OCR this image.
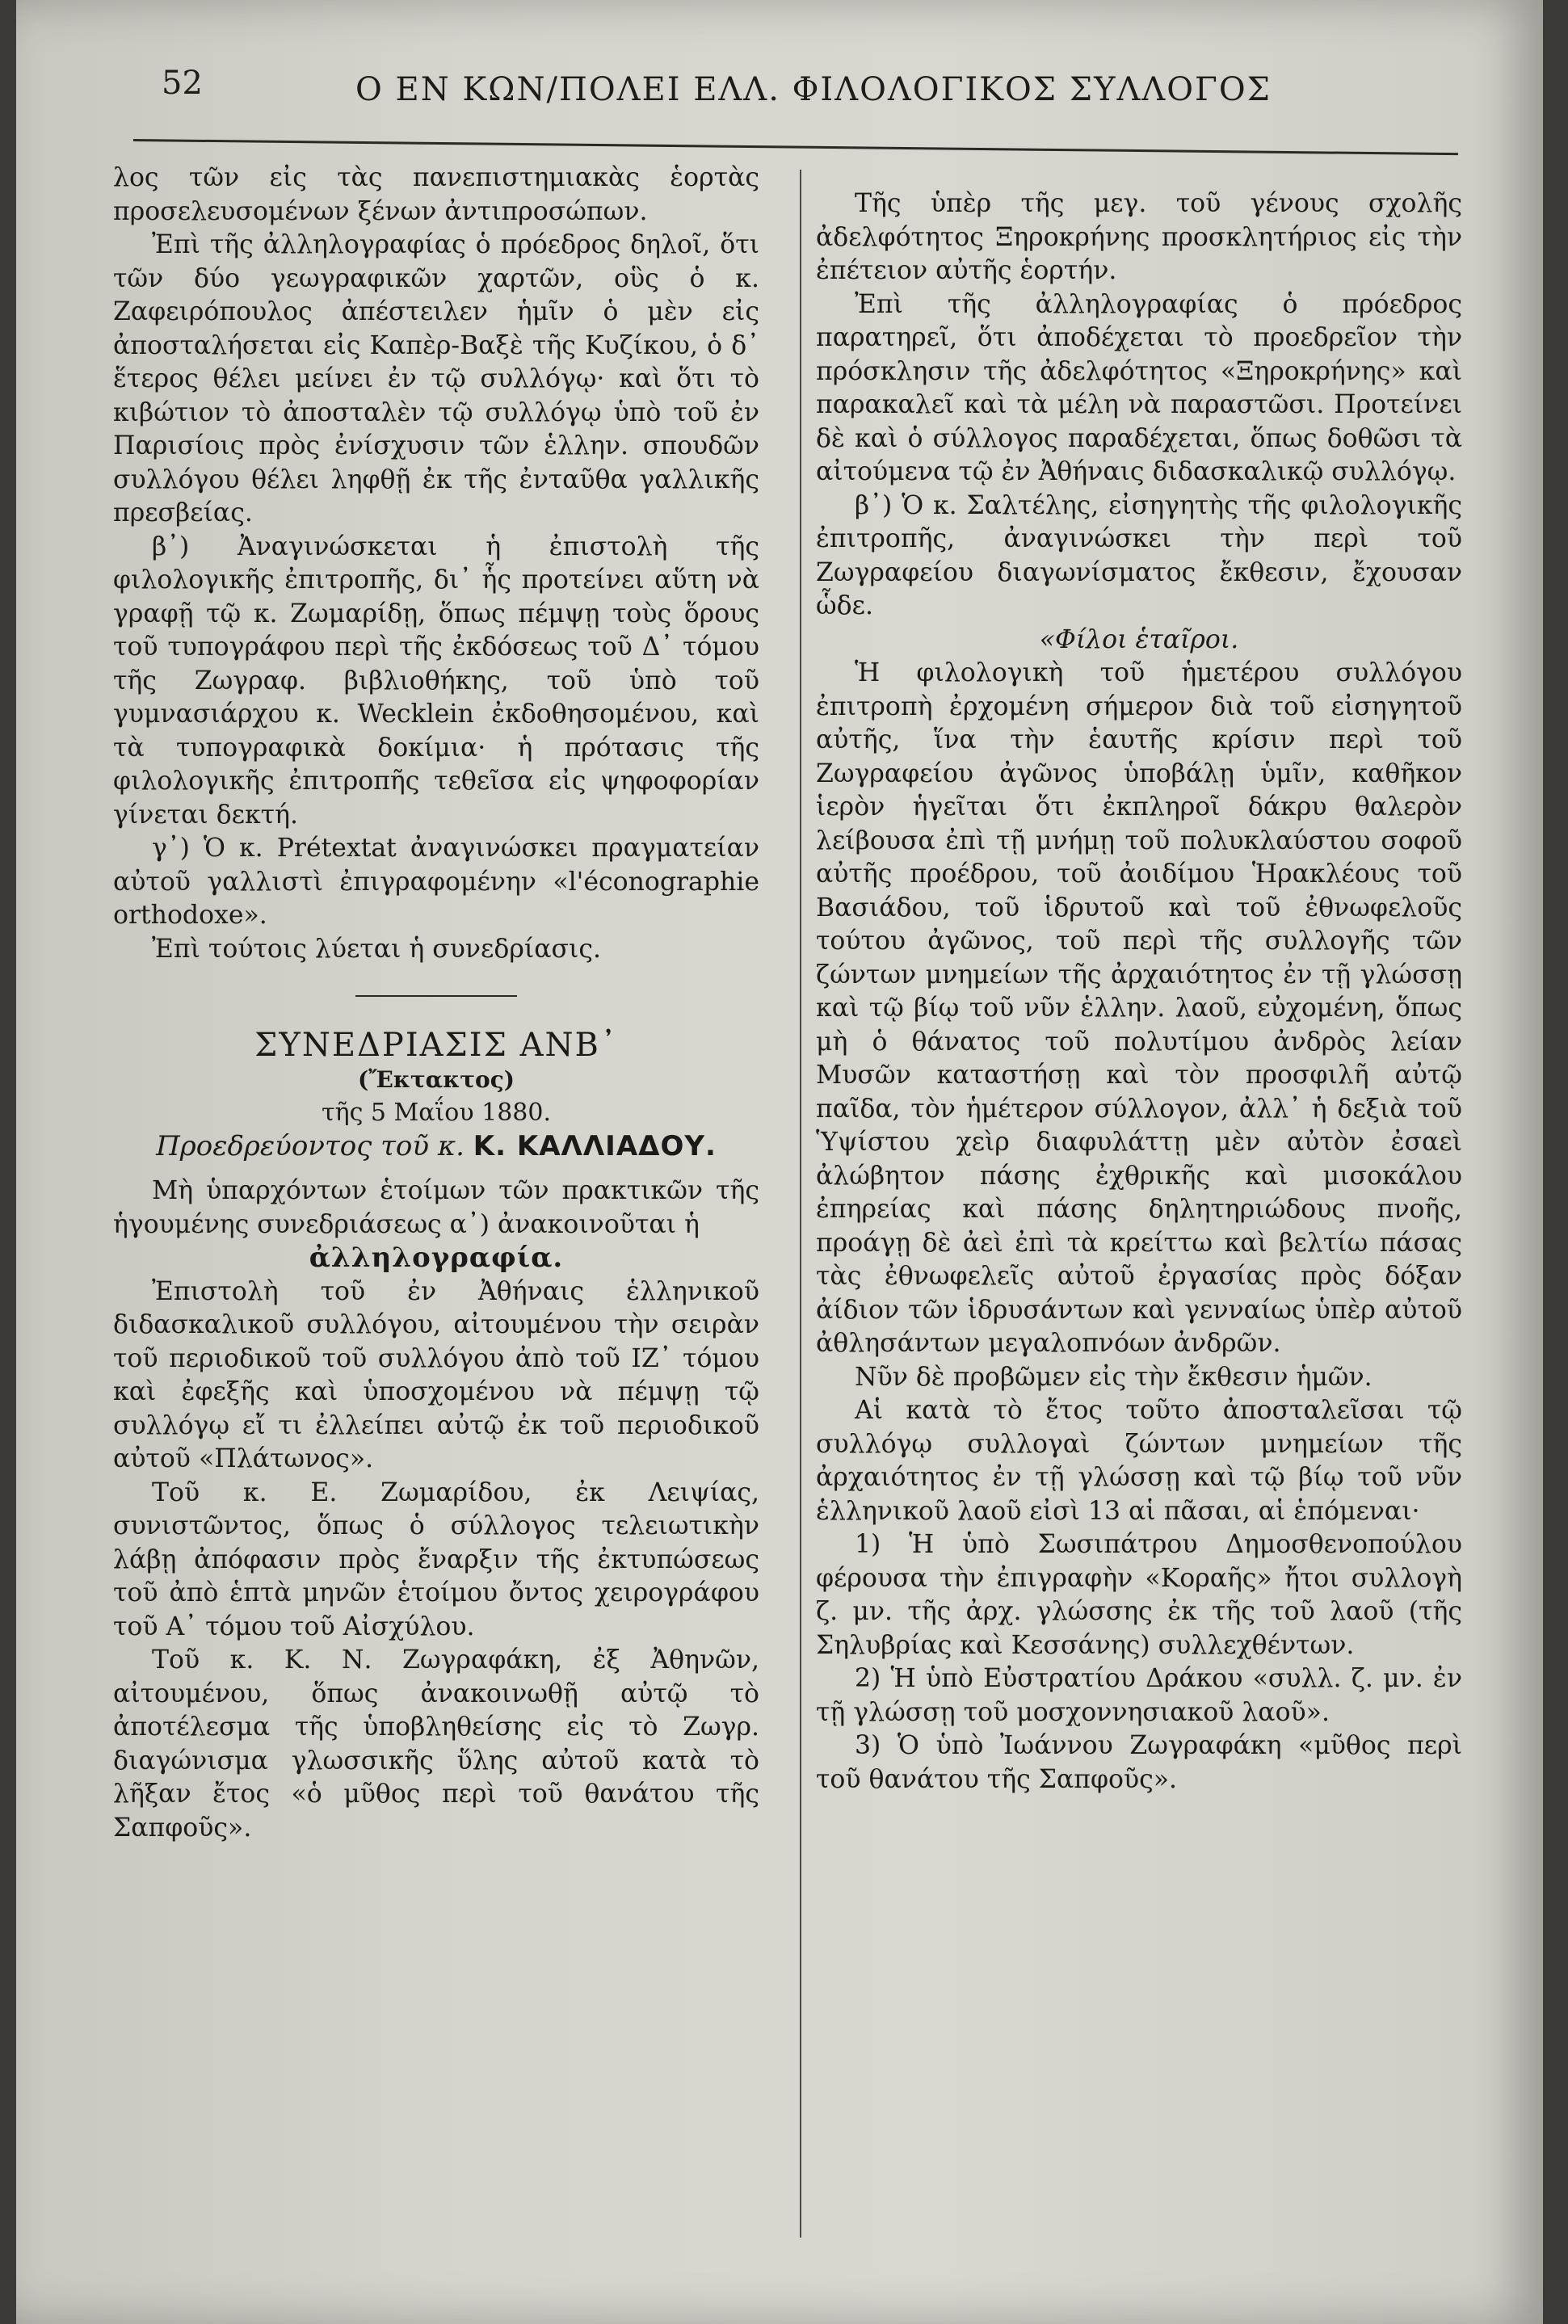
52	Ο ΕΝ ΚΩΝ/ΠΟΛΕΙ ΕΛΛ. ΦΙΛΟΛΟΓΙΚΟΣ ΣΥΛΛΟΓΟΣ

λος τῶν εἰς τὰς πανεπιστημιακὰς ἑορτὰς προσελευσομένων ξένων ἀντιπροσώπων.

Ἐπὶ τῆς ἀλληλογραφίας ὁ πρόεδρος δηλοῖ, ὅτι τῶν δύο γεωγραφικῶν χαρτῶν, οὓς ὁ κ. Ζαφειρόπουλος ἀπέστειλεν ἡμῖν ὁ μὲν εἰς ἀποσταλήσεται εἰς Καπὲρ-Βαξὲ τῆς Κυζίκου, ὁ δ᾽ ἕτερος θέλει μείνει ἐν τῷ συλλόγῳ· καὶ ὅτι τὸ κιβώτιον τὸ ἀποσταλὲν τῷ συλλόγῳ ὑπὸ τοῦ ἐν Παρισίοις πρὸς ἐνίσχυσιν τῶν ἑλλην. σπουδῶν συλλόγου θέλει ληφθῇ ἐκ τῆς ἐνταῦθα γαλλικῆς πρεσβείας.

β᾽) Ἀναγινώσκεται ἡ ἐπιστολὴ τῆς φιλολογικῆς ἐπιτροπῆς, δι᾽ ἧς προτείνει αὕτη νὰ γραφῇ τῷ κ. Ζωμαρίδῃ, ὅπως πέμψῃ τοὺς ὅρους τοῦ τυπογράφου περὶ τῆς ἐκδόσεως τοῦ Δ᾽ τόμου τῆς Ζωγραφ. βιβλιοθήκης, τοῦ ὑπὸ τοῦ γυμνασιάρχου κ. Wecklein ἐκδοθησομένου, καὶ τὰ τυπογραφικὰ δοκίμια· ἡ πρότασις τῆς φιλολογικῆς ἐπιτροπῆς τεθεῖσα εἰς ψηφοφορίαν γίνεται δεκτή.

γ᾽) Ὁ κ. Prétextat ἀναγινώσκει πραγματείαν αὐτοῦ γαλλιστὶ ἐπιγραφομένην «l'éconographie orthodoxe».

Ἐπὶ τούτοις λύεται ἡ συνεδρίασις.

ΣΥΝΕΔΡΙΑΣΙΣ ΑΝΒ᾽

(Ἔκτακτος)

τῆς 5 Μαΐου 1880.

Προεδρεύοντος τοῦ κ. Κ. ΚΑΛΛΙΑΔΟΥ.

Μὴ ὑπαρχόντων ἑτοίμων τῶν πρακτικῶν τῆς ἡγουμένης συνεδριάσεως α᾽) ἀνακοινοῦται ἡ

ἀλληλογραφία.

Ἐπιστολὴ τοῦ ἐν Ἀθήναις ἑλληνικοῦ διδασκαλικοῦ συλλόγου, αἰτουμένου τὴν σειρὰν τοῦ περιοδικοῦ τοῦ συλλόγου ἀπὸ τοῦ ΙΖ᾽ τόμου καὶ ἐφεξῆς καὶ ὑποσχομένου νὰ πέμψῃ τῷ συλλόγῳ εἴ τι ἐλλείπει αὐτῷ ἐκ τοῦ περιοδικοῦ αὐτοῦ «Πλάτωνος».

Τοῦ κ. Ε. Ζωμαρίδου, ἐκ Λειψίας, συνιστῶντος, ὅπως ὁ σύλλογος τελειωτικὴν λάβῃ ἀπόφασιν πρὸς ἔναρξιν τῆς ἐκτυπώσεως τοῦ ἀπὸ ἑπτὰ μηνῶν ἑτοίμου ὄντος χειρογράφου τοῦ Α᾽ τόμου τοῦ Αἰσχύλου.

Τοῦ κ. Κ. Ν. Ζωγραφάκη, ἐξ Ἀθηνῶν, αἰτουμένου, ὅπως ἀνακοινωθῇ αὐτῷ τὸ ἀποτέλεσμα τῆς ὑποβληθείσης εἰς τὸ Ζωγρ. διαγώνισμα γλωσσικῆς ὕλης αὐτοῦ κατὰ τὸ λῆξαν ἔτος «ὁ μῦθος περὶ τοῦ θανάτου τῆς Σαπφοῦς».

Τῆς ὑπὲρ τῆς μεγ. τοῦ γένους σχολῆς ἀδελφότητος Ξηροκρήνης προσκλητήριος εἰς τὴν ἐπέτειον αὐτῆς ἑορτήν.

Ἐπὶ τῆς ἀλληλογραφίας ὁ πρόεδρος παρατηρεῖ, ὅτι ἀποδέχεται τὸ προεδρεῖον τὴν πρόσκλησιν τῆς ἀδελφότητος «Ξηροκρήνης» καὶ παρακαλεῖ καὶ τὰ μέλη νὰ παραστῶσι. Προτείνει δὲ καὶ ὁ σύλλογος παραδέχεται, ὅπως δοθῶσι τὰ αἰτούμενα τῷ ἐν Ἀθήναις διδασκαλικῷ συλλόγῳ.

β᾽) Ὁ κ. Σαλτέλης, εἰσηγητὴς τῆς φιλολογικῆς ἐπιτροπῆς, ἀναγινώσκει τὴν περὶ τοῦ Ζωγραφείου διαγωνίσματος ἔκθεσιν, ἔχουσαν ὧδε.

«Φίλοι ἑταῖροι.

Ἡ φιλολογικὴ τοῦ ἡμετέρου συλλόγου ἐπιτροπὴ ἐρχομένη σήμερον διὰ τοῦ εἰσηγητοῦ αὐτῆς, ἵνα τὴν ἑαυτῆς κρίσιν περὶ τοῦ Ζωγραφείου ἀγῶνος ὑποβάλῃ ὑμῖν, καθῆκον ἱερὸν ἡγεῖται ὅτι ἐκπληροῖ δάκρυ θαλερὸν λείβουσα ἐπὶ τῇ μνήμῃ τοῦ πολυκλαύστου σοφοῦ αὐτῆς προέδρου, τοῦ ἀοιδίμου Ἡρακλέους τοῦ Βασιάδου, τοῦ ἱδρυτοῦ καὶ τοῦ ἐθνωφελοῦς τούτου ἀγῶνος, τοῦ περὶ τῆς συλλογῆς τῶν ζώντων μνημείων τῆς ἀρχαιότητος ἐν τῇ γλώσσῃ καὶ τῷ βίῳ τοῦ νῦν ἑλλην. λαοῦ, εὐχομένη, ὅπως μὴ ὁ θάνατος τοῦ πολυτίμου ἀνδρὸς λείαν Μυσῶν καταστήσῃ καὶ τὸν προσφιλῆ αὐτῷ παῖδα, τὸν ἡμέτερον σύλλογον, ἀλλ᾽ ἡ δεξιὰ τοῦ Ὑψίστου χεὶρ διαφυλάττῃ μὲν αὐτὸν ἐσαεὶ ἀλώβητον πάσης ἐχθρικῆς καὶ μισοκάλου ἐπηρείας καὶ πάσης δηλητηριώδους πνοῆς, προάγῃ δὲ ἀεὶ ἐπὶ τὰ κρείττω καὶ βελτίω πάσας τὰς ἐθνωφελεῖς αὐτοῦ ἐργασίας πρὸς δόξαν ἀίδιον τῶν ἱδρυσάντων καὶ γενναίως ὑπὲρ αὐτοῦ ἀθλησάντων μεγαλοπνόων ἀνδρῶν.

Νῦν δὲ προβῶμεν εἰς τὴν ἔκθεσιν ἡμῶν.

Αἱ κατὰ τὸ ἔτος τοῦτο ἀποσταλεῖσαι τῷ συλλόγῳ συλλογαὶ ζώντων μνημείων τῆς ἀρχαιότητος ἐν τῇ γλώσσῃ καὶ τῷ βίῳ τοῦ νῦν ἑλληνικοῦ λαοῦ εἰσὶ 13 αἱ πᾶσαι, αἱ ἑπόμεναι·

1) Ἡ ὑπὸ Σωσιπάτρου Δημοσθενοπούλου φέρουσα τὴν ἐπιγραφὴν «Κοραῆς» ἤτοι συλλογὴ ζ. μν. τῆς ἀρχ. γλώσσης ἐκ τῆς τοῦ λαοῦ (τῆς Σηλυβρίας καὶ Κεσσάνης) συλλεχθέντων.

2) Ἡ ὑπὸ Εὐστρατίου Δράκου «συλλ. ζ. μν. ἐν τῇ γλώσσῃ τοῦ μοσχοννησιακοῦ λαοῦ».

3) Ὁ ὑπὸ Ἰωάννου Ζωγραφάκη «μῦθος περὶ τοῦ θανάτου τῆς Σαπφοῦς».
